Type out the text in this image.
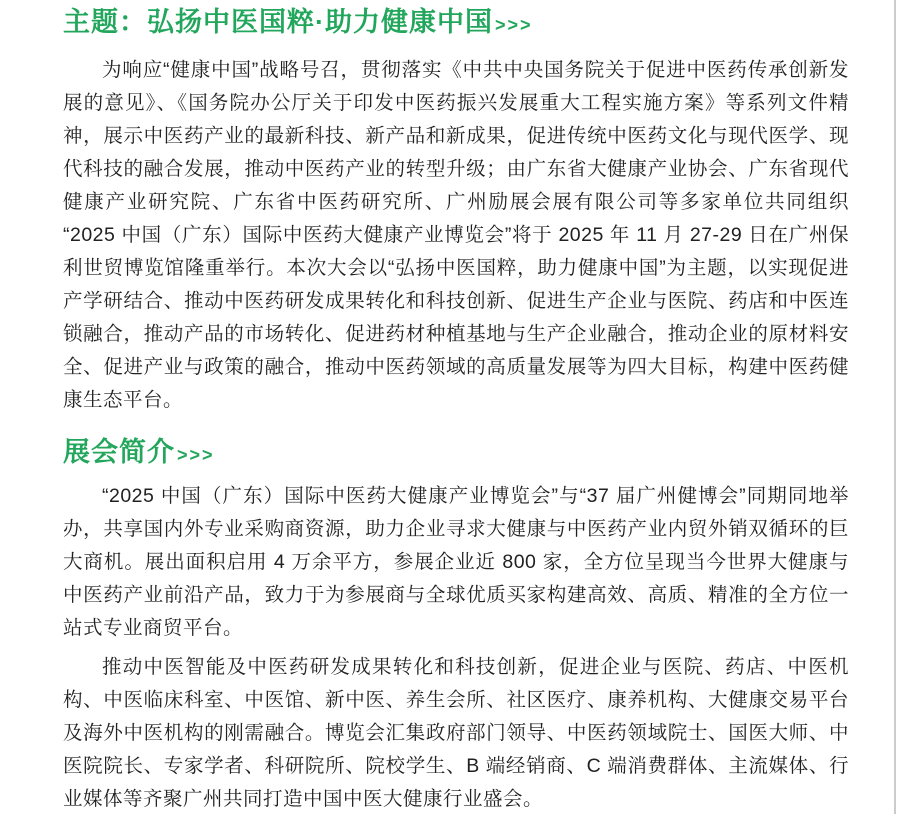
主题：弘扬中医国粹·助力健康中国 >>>

为响应“健康中国”战略号召，贯彻落实《中共中央国务院关于促进中医药传承创新发展的意见》、《国务院办公厅关于印发中医药振兴发展重大工程实施方案》等系列文件精神，展示中医药产业的最新科技、新产品和新成果，促进传统中医药文化与现代医学、现代科技的融合发展，推动中医药产业的转型升级；由广东省大健康产业协会、广东省现代健康产业研究院、广东省中医药研究所、广州励展会展有限公司等多家单位共同组织“2025 中国（广东）国际中医药大健康产业博览会”将于 2025 年 11 月 27-29 日在广州保利世贸博览馆隆重举行。本次大会以“弘扬中医国粹，助力健康中国”为主题，以实现促进产学研结合、推动中医药研发成果转化和科技创新、促进生产企业与医院、药店和中医连锁融合，推动产品的市场转化、促进药材种植基地与生产企业融合，推动企业的原材料安全、促进产业与政策的融合，推动中医药领域的高质量发展等为四大目标，构建中医药健康生态平台。

展会简介 >>>

“2025 中国（广东）国际中医药大健康产业博览会”与“37 届广州健博会”同期同地举办，共享国内外专业采购商资源，助力企业寻求大健康与中医药产业内贸外销双循环的巨大商机。展出面积启用 4 万余平方，参展企业近 800 家，全方位呈现当今世界大健康与中医药产业前沿产品，致力于为参展商与全球优质买家构建高效、高质、精准的全方位一站式专业商贸平台。

推动中医智能及中医药研发成果转化和科技创新，促进企业与医院、药店、中医机构、中医临床科室、中医馆、新中医、养生会所、社区医疗、康养机构、大健康交易平台及海外中医机构的刚需融合。博览会汇集政府部门领导、中医药领域院士、国医大师、中医院院长、专家学者、科研院所、院校学生、B 端经销商、C 端消费群体、主流媒体、行业媒体等齐聚广州共同打造中国中医大健康行业盛会。
